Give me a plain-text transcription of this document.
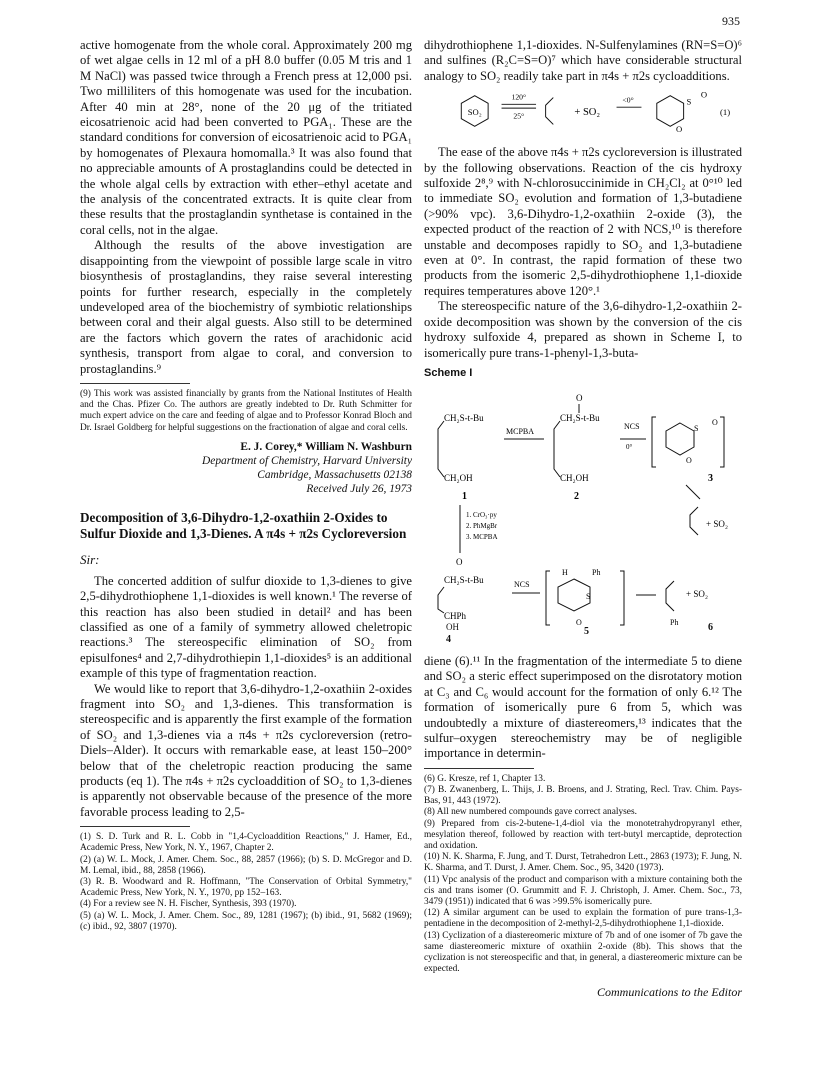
935

active homogenate from the whole coral. Approximately 200 mg of wet algae cells in 12 ml of a pH 8.0 buffer (0.05 M tris and 1 M NaCl) was passed twice through a French press at 12,000 psi. Two milliliters of this homogenate was used for the incubation. After 40 min at 28°, none of the 20 μg of the tritiated eicosatrienoic acid had been converted to PGA₁. These are the standard conditions for conversion of eicosatrienoic acid to PGA₁ by homogenates of Plexaura homomalla.³ It was also found that no appreciable amounts of A prostaglandins could be detected in the whole algal cells by extraction with ether–ethyl acetate and the analysis of the concentrated extracts. It is quite clear from these results that the prostaglandin synthetase is contained in the coral cells, not in the algae.

Although the results of the above investigation are disappointing from the viewpoint of possible large scale in vitro biosynthesis of prostaglandins, they raise several interesting points for further research, especially in the completely undeveloped area of the biochemistry of symbiotic relationships between coral and their algal guests. Also still to be determined are the factors which govern the rates of arachidonic acid synthesis, transport from algae to coral, and conversion to prostaglandins.⁹

(9) This work was assisted financially by grants from the National Institutes of Health and the Chas. Pfizer Co. The authors are greatly indebted to Dr. Ruth Schmitter for much expert advice on the care and feeding of algae and to Professor Konrad Bloch and Dr. Israel Goldberg for helpful suggestions on the fractionation of algae and coral cells.

E. J. Corey,* William N. Washburn
Department of Chemistry, Harvard University
Cambridge, Massachusetts 02138
Received July 26, 1973
Decomposition of 3,6-Dihydro-1,2-oxathiin 2-Oxides to Sulfur Dioxide and 1,3-Dienes. A π4s + π2s Cycloreversion
Sir:

The concerted addition of sulfur dioxide to 1,3-dienes to give 2,5-dihydrothiophene 1,1-dioxides is well known.¹ The reverse of this reaction has also been studied in detail² and has been classified as one of a family of symmetry allowed cheletropic reactions.³ The stereospecific elimination of SO₂ from episulfones⁴ and 2,7-dihydrothiepin 1,1-dioxides⁵ is an additional example of this type of fragmentation reaction.

We would like to report that 3,6-dihydro-1,2-oxathiin 2-oxides fragment into SO₂ and 1,3-dienes. This transformation is stereospecific and is apparently the first example of the formation of SO₂ and 1,3-dienes via a π4s + π2s cycloreversion (retro-Diels–Alder). It occurs with remarkable ease, at least 150–200° below that of the cheletropic reaction producing the same products (eq 1). The π4s + π2s cycloaddition of SO₂ to 1,3-dienes is apparently not observable because of the presence of the more favorable process leading to 2,5-

(1) S. D. Turk and R. L. Cobb in "1,4-Cycloaddition Reactions," J. Hamer, Ed., Academic Press, New York, N. Y., 1967, Chapter 2.

(2) (a) W. L. Mock, J. Amer. Chem. Soc., 88, 2857 (1966); (b) S. D. McGregor and D. M. Lemal, ibid., 88, 2858 (1966).

(3) R. B. Woodward and R. Hoffmann, "The Conservation of Orbital Symmetry," Academic Press, New York, N. Y., 1970, pp 152–163.

(4) For a review see N. H. Fischer, Synthesis, 393 (1970).

(5) (a) W. L. Mock, J. Amer. Chem. Soc., 89, 1281 (1967); (b) ibid., 91, 5682 (1969); (c) ibid., 92, 3807 (1970).

dihydrothiophene 1,1-dioxides. N-Sulfenylamines (RN=S=O)⁶ and sulfines (R₂C=S=O)⁷ which have considerable structural analogy to SO₂ readily take part in π4s + π2s cycloadditions.

SO₂
120°
25°	+ SO₂
<0°	S
O
O
(1)

The ease of the above π4s + π2s cycloreversion is illustrated by the following observations. Reaction of the cis hydroxy sulfoxide 2⁸,⁹ with N-chlorosuccinimide in CH₂Cl₂ at 0°¹⁰ led to immediate SO₂ evolution and formation of 1,3-butadiene (>90% vpc). 3,6-Dihydro-1,2-oxathiin 2-oxide (3), the expected product of the reaction of 2 with NCS,¹⁰ is therefore unstable and decomposes rapidly to SO₂ and 1,3-butadiene even at 0°. In contrast, the rapid formation of these two products from the isomeric 2,5-dihydrothiophene 1,1-dioxide requires temperatures above 120°.¹

The stereospecific nature of the 3,6-dihydro-1,2-oxathiin 2-oxide decomposition was shown by the conversion of the cis hydroxy sulfoxide 4, prepared as shown in Scheme I, to isomerically pure trans-1-phenyl-1,3-buta-

Scheme I
CH₂S-t-Bu
CH₂OH
1
MCPBA
O
CH₂S-t-Bu
CH₂OH
2
NCS
0°
S
O
O
3
+ SO₂
1. CrO₃·py
2. PhMgBr
3. MCPBA
O
CH₂S-t-Bu
CHPh
NCS
H	Ph
S
O	Ph
+ SO₂
OH
4
5	6

diene (6).¹¹ In the fragmentation of the intermediate 5 to diene and SO₂ a steric effect superimposed on the disrotatory motion at C₃ and C₆ would account for the formation of only 6.¹² The formation of isomerically pure 6 from 5, which was undoubtedly a mixture of diastereomers,¹³ indicates that the sulfur–oxygen stereochemistry may be of negligible importance in determin-

(6) G. Kresze, ref 1, Chapter 13.

(7) B. Zwanenberg, L. Thijs, J. B. Broens, and J. Strating, Recl. Trav. Chim. Pays-Bas, 91, 443 (1972).

(8) All new numbered compounds gave correct analyses.

(9) Prepared from cis-2-butene-1,4-diol via the monotetrahydropyranyl ether, mesylation thereof, followed by reaction with tert-butyl mercaptide, deprotection and oxidation.

(10) N. K. Sharma, F. Jung, and T. Durst, Tetrahedron Lett., 2863 (1973); F. Jung, N. K. Sharma, and T. Durst, J. Amer. Chem. Soc., 95, 3420 (1973).

(11) Vpc analysis of the product and comparison with a mixture containing both the cis and trans isomer (O. Grummitt and F. J. Christoph, J. Amer. Chem. Soc., 73, 3479 (1951)) indicated that 6 was >99.5% isomerically pure.

(12) A similar argument can be used to explain the formation of pure trans-1,3-pentadiene in the decomposition of 2-methyl-2,5-dihydrothiophene 1,1-dioxide.

(13) Cyclization of a diastereomeric mixture of 7b and of one isomer of 7b gave the same diastereomeric mixture of oxathiin 2-oxide (8b). This shows that the cyclization is not stereospecific and that, in general, a diastereomeric mixture can be expected.

Communications to the Editor
